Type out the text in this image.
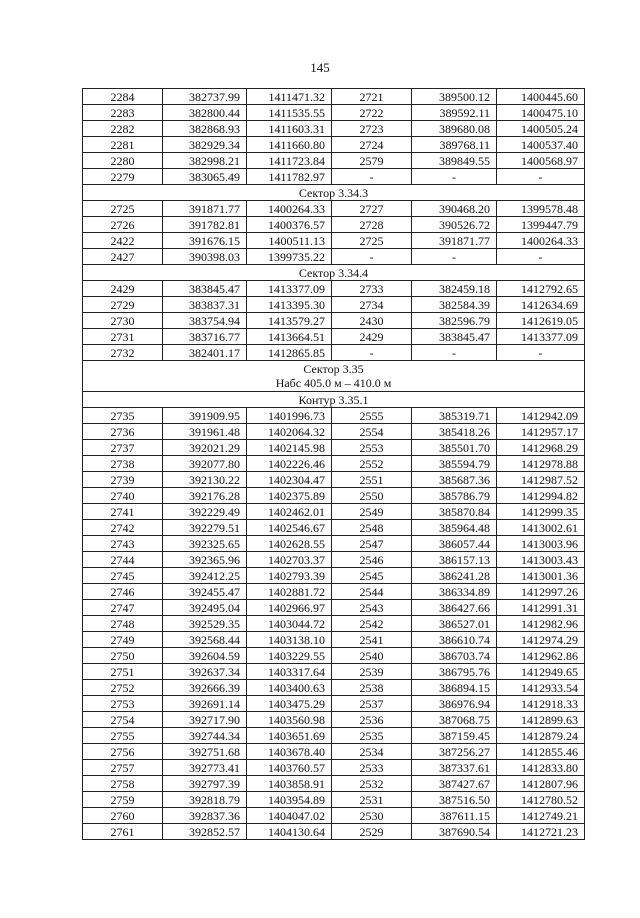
145
2284	382737.99	1411471.32	2721	389500.12	1400445.60
2283	382800.44	1411535.55	2722	389592.11	1400475.10
2282	382868.93	1411603.31	2723	389680.08	1400505.24
2281	382929.34	1411660.80	2724	389768.11	1400537.40
2280	382998.21	1411723.84	2579	389849.55	1400568.97
2279	383065.49	1411782.97	-	-	-
Сектор 3.34.3					
2725	391871.77	1400264.33	2727	390468.20	1399578.48
2726	391782.81	1400376.57	2728	390526.72	1399447.79
2422	391676.15	1400511.13	2725	391871.77	1400264.33
2427	390398.03	1399735.22	-	-	-
Сектор 3.34.4					
2429	383845.47	1413377.09	2733	382459.18	1412792.65
2729	383837.31	1413395.30	2734	382584.39	1412634.69
2730	383754.94	1413579.27	2430	382596.79	1412619.05
2731	383716.77	1413664.51	2429	383845.47	1413377.09
2732	382401.17	1412865.85	-	-	-

Сектор 3.35
Набс 405.0 м – 410.0 м					

Контур 3.35.1					
2735	391909.95	1401996.73	2555	385319.71	1412942.09
2736	391961.48	1402064.32	2554	385418.26	1412957.17
2737	392021.29	1402145.98	2553	385501.70	1412968.29
2738	392077.80	1402226.46	2552	385594.79	1412978.88
2739	392130.22	1402304.47	2551	385687.36	1412987.52
2740	392176.28	1402375.89	2550	385786.79	1412994.82
2741	392229.49	1402462.01	2549	385870.84	1412999.35
2742	392279.51	1402546.67	2548	385964.48	1413002.61
2743	392325.65	1402628.55	2547	386057.44	1413003.96
2744	392365.96	1402703.37	2546	386157.13	1413003.43
2745	392412.25	1402793.39	2545	386241.28	1413001.36
2746	392455.47	1402881.72	2544	386334.89	1412997.26
2747	392495.04	1402966.97	2543	386427.66	1412991.31
2748	392529.35	1403044.72	2542	386527.01	1412982.96
2749	392568.44	1403138.10	2541	386610.74	1412974.29
2750	392604.59	1403229.55	2540	386703.74	1412962.86
2751	392637.34	1403317.64	2539	386795.76	1412949.65
2752	392666.39	1403400.63	2538	386894.15	1412933.54
2753	392691.14	1403475.29	2537	386976.94	1412918.33
2754	392717.90	1403560.98	2536	387068.75	1412899.63
2755	392744.34	1403651.69	2535	387159.45	1412879.24
2756	392751.68	1403678.40	2534	387256.27	1412855.46
2757	392773.41	1403760.57	2533	387337.61	1412833.80
2758	392797.39	1403858.91	2532	387427.67	1412807.96
2759	392818.79	1403954.89	2531	387516.50	1412780.52
2760	392837.36	1404047.02	2530	387611.15	1412749.21
2761	392852.57	1404130.64	2529	387690.54	1412721.23
